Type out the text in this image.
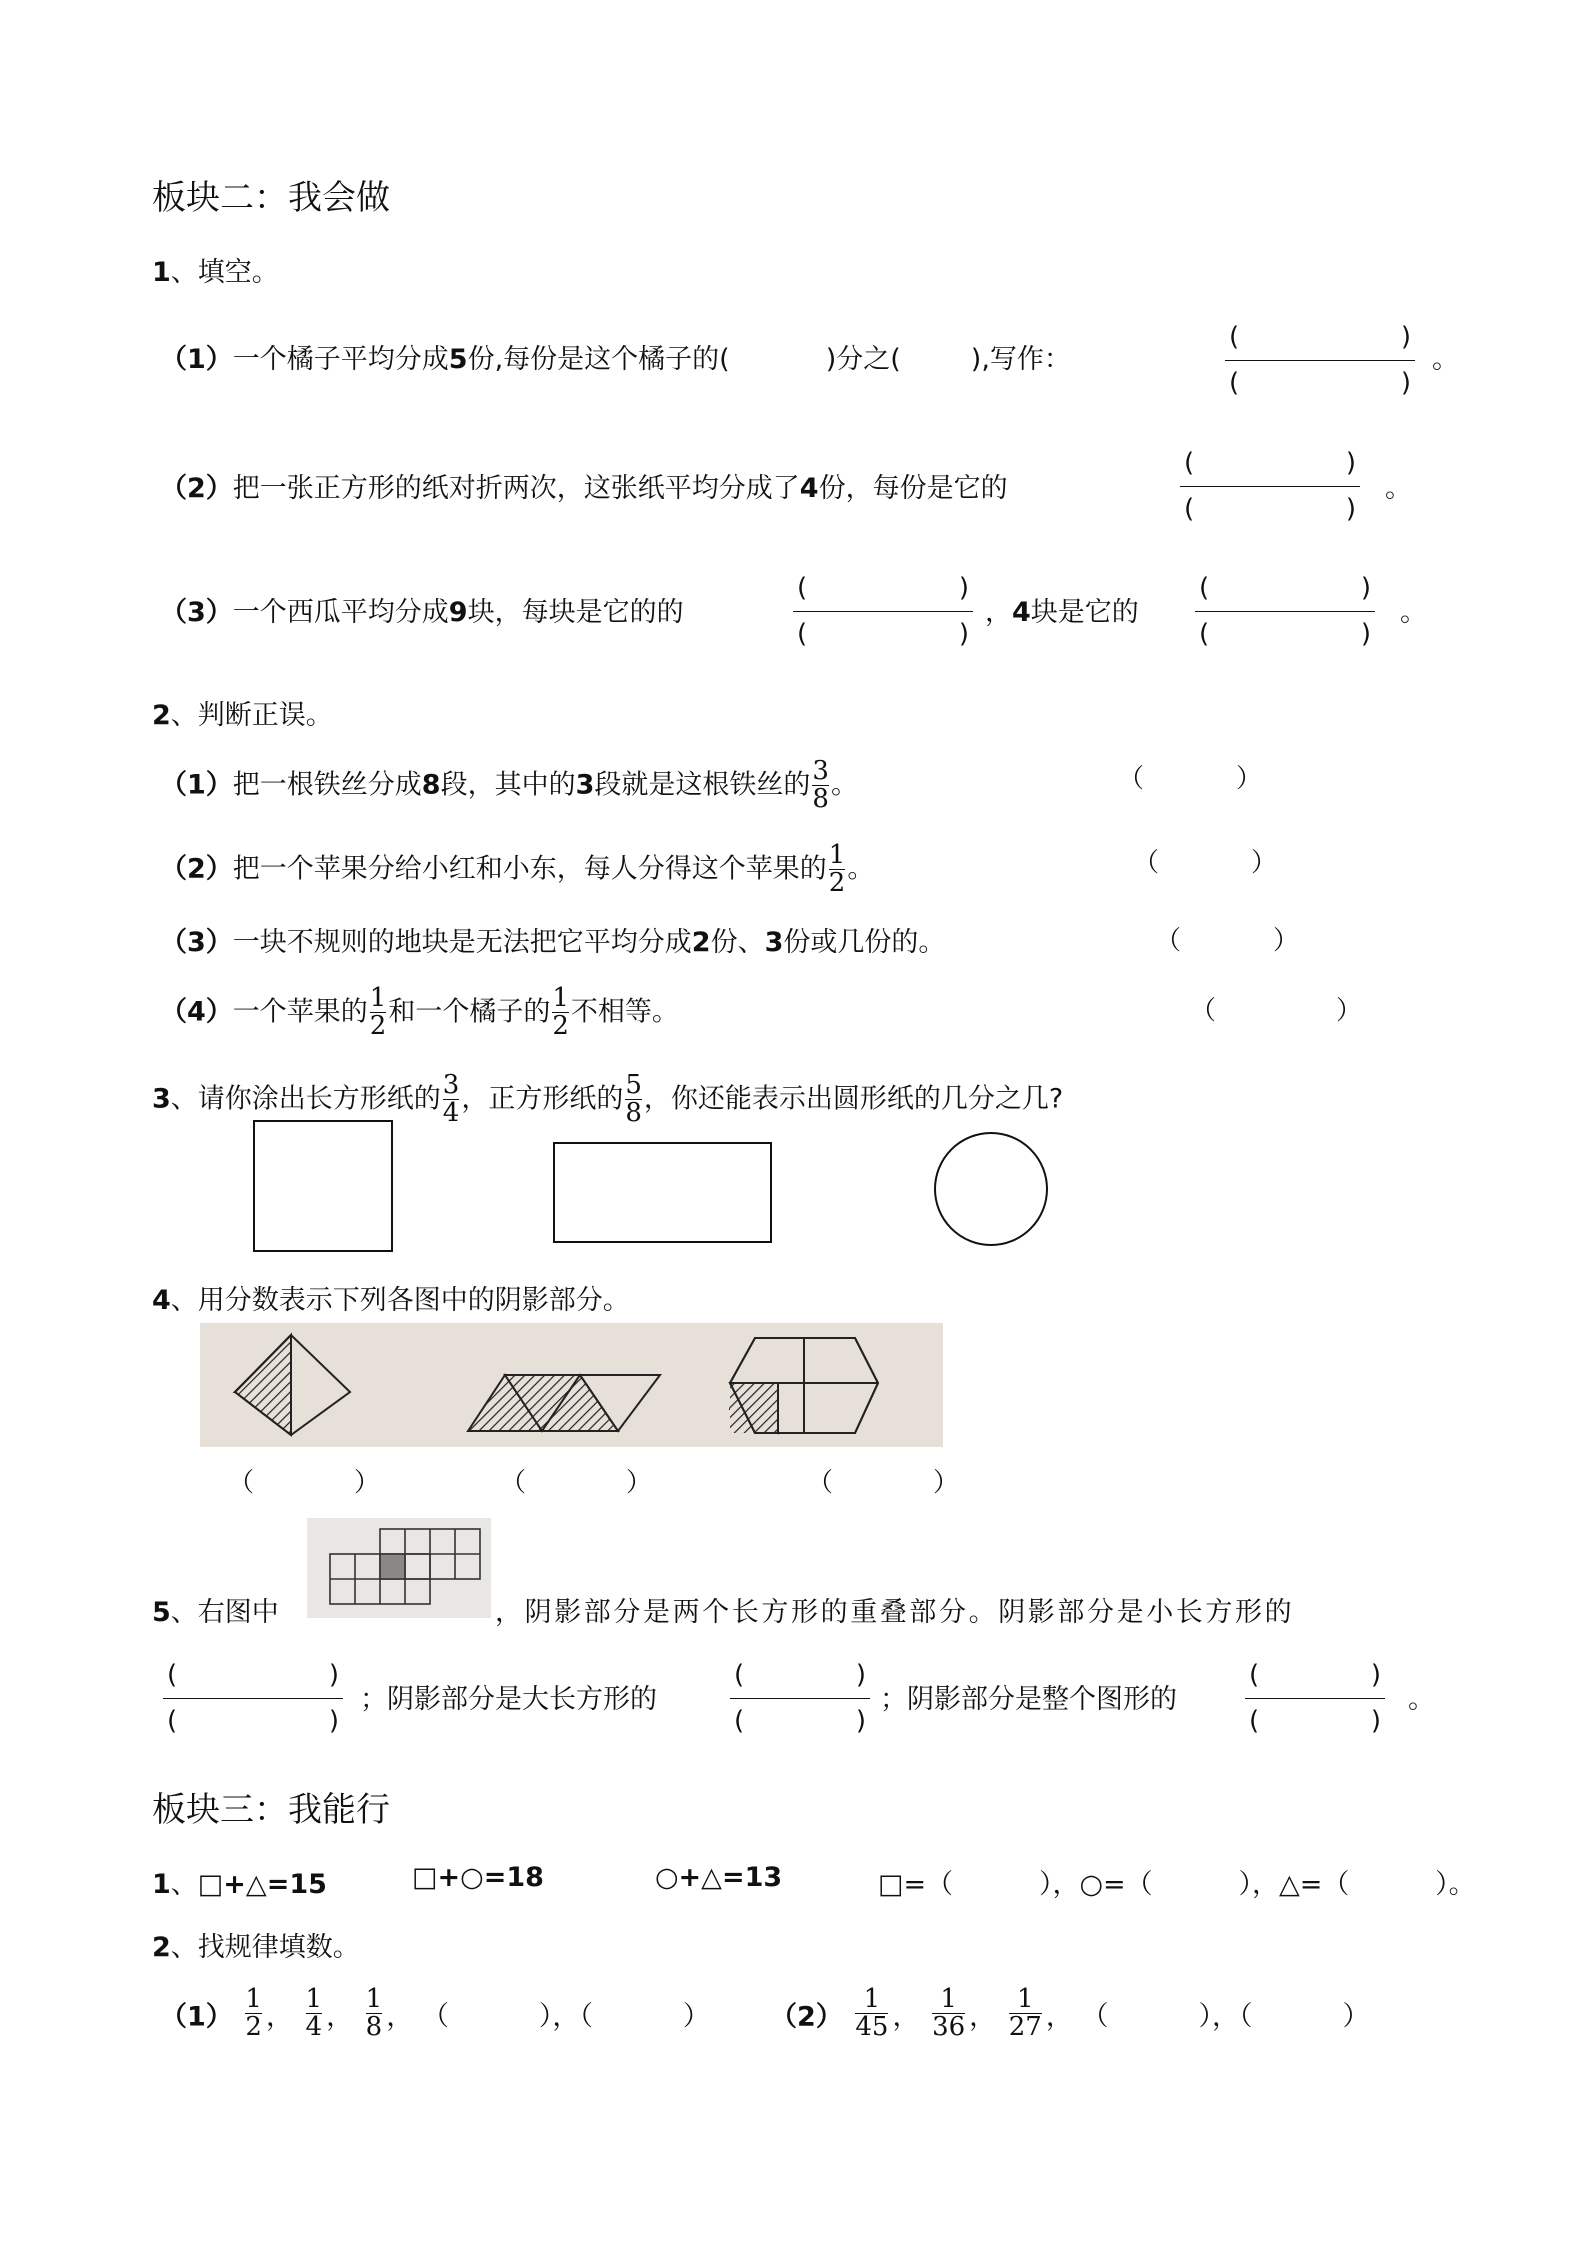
板块二：我会做
1、填空。
（1）一个橘子平均分成5份,每份是这个橘子的(	)分之(	),写作：
(	)
(	)
。
（2）把一张正方形的纸对折两次，这张纸平均分成了4份，每份是它的
(	)
(	)
。
（3）一个西瓜平均分成9块，每块是它的的
(	)
(	)
，4块是它的
(	)
(	)
。
2、判断正误。
（1）把一根铁丝分成8段，其中的3段就是这根铁丝的 $\frac{3}{8}$ 。	（	）
（2）把一个苹果分给小红和小东，每人分得这个苹果的 $\frac{1}{2}$ 。	（	）
（3）一块不规则的地块是无法把它平均分成2份、3份或几份的。	（	）
（4）一个苹果的 $\frac{1}{2}$ 和一个橘子的 $\frac{1}{2}$ 不相等。	（	）
3、请你涂出长方形纸的 $\frac{3}{4}$ ，正方形纸的 $\frac{5}{8}$ ，你还能表示出圆形纸的几分之几?
4、用分数表示下列各图中的阴影部分。
（	）	（	）	（	）
5、右图中	，阴影部分是两个长方形的重叠部分。阴影部分是小长方形的
(	)
(	)
；阴影部分是大长方形的
(	)
(	)
；阴影部分是整个图形的
(	)
(	)
。
板块三：我能行
1、□+△=15	□+○=18	○+△=13	□=（          ），○=（          ），△=（          ）。
2、找规律填数。
$(1) \frac{1}{2}$ ， $\frac{1}{4}$ ， $\frac{1}{8}$ ， （	），（	） $(2) \frac{1}{45}$ ， $\frac{1}{36}$ ， $\frac{1}{27}$ ， （	），（	）
